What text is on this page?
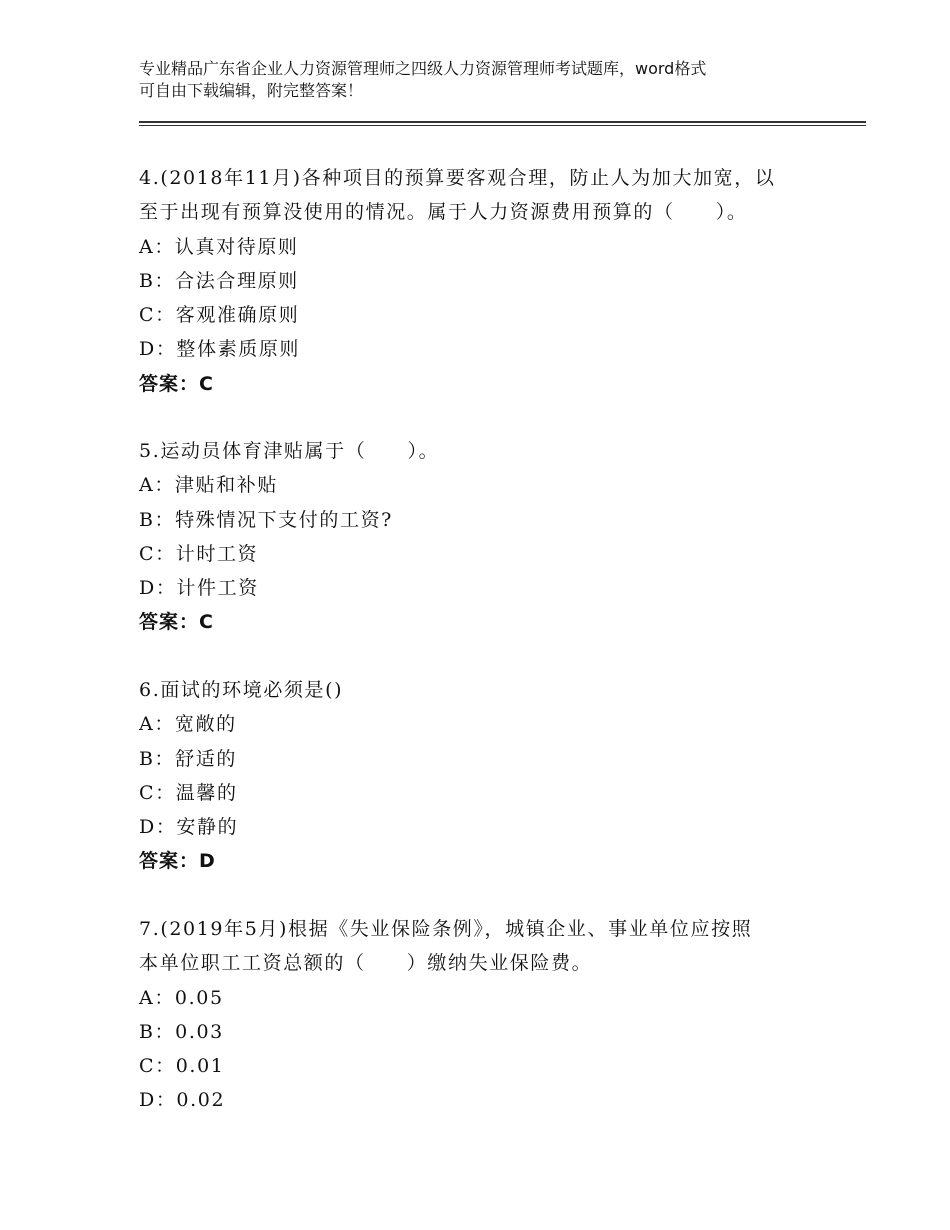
专业精品广东省企业人力资源管理师之四级人力资源管理师考试题库，word格式
可自由下载编辑，附完整答案！
4.(2018年11月)各种项目的预算要客观合理，防止人为加大加宽，以
至于出现有预算没使用的情况。属于人力资源费用预算的（　　）。
A：认真对待原则
B：合法合理原则
C：客观准确原则
D：整体素质原则
答案：C
5.运动员体育津贴属于（　　）。
A：津贴和补贴
B：特殊情况下支付的工资?
C：计时工资
D：计件工资
答案：C
6.面试的环境必须是()
A：宽敞的
B：舒适的
C：温馨的
D：安静的
答案：D
7.(2019年5月)根据《失业保险条例》，城镇企业、事业单位应按照
本单位职工工资总额的（　　）缴纳失业保险费。
A：0.05
B：0.03
C：0.01
D：0.02
